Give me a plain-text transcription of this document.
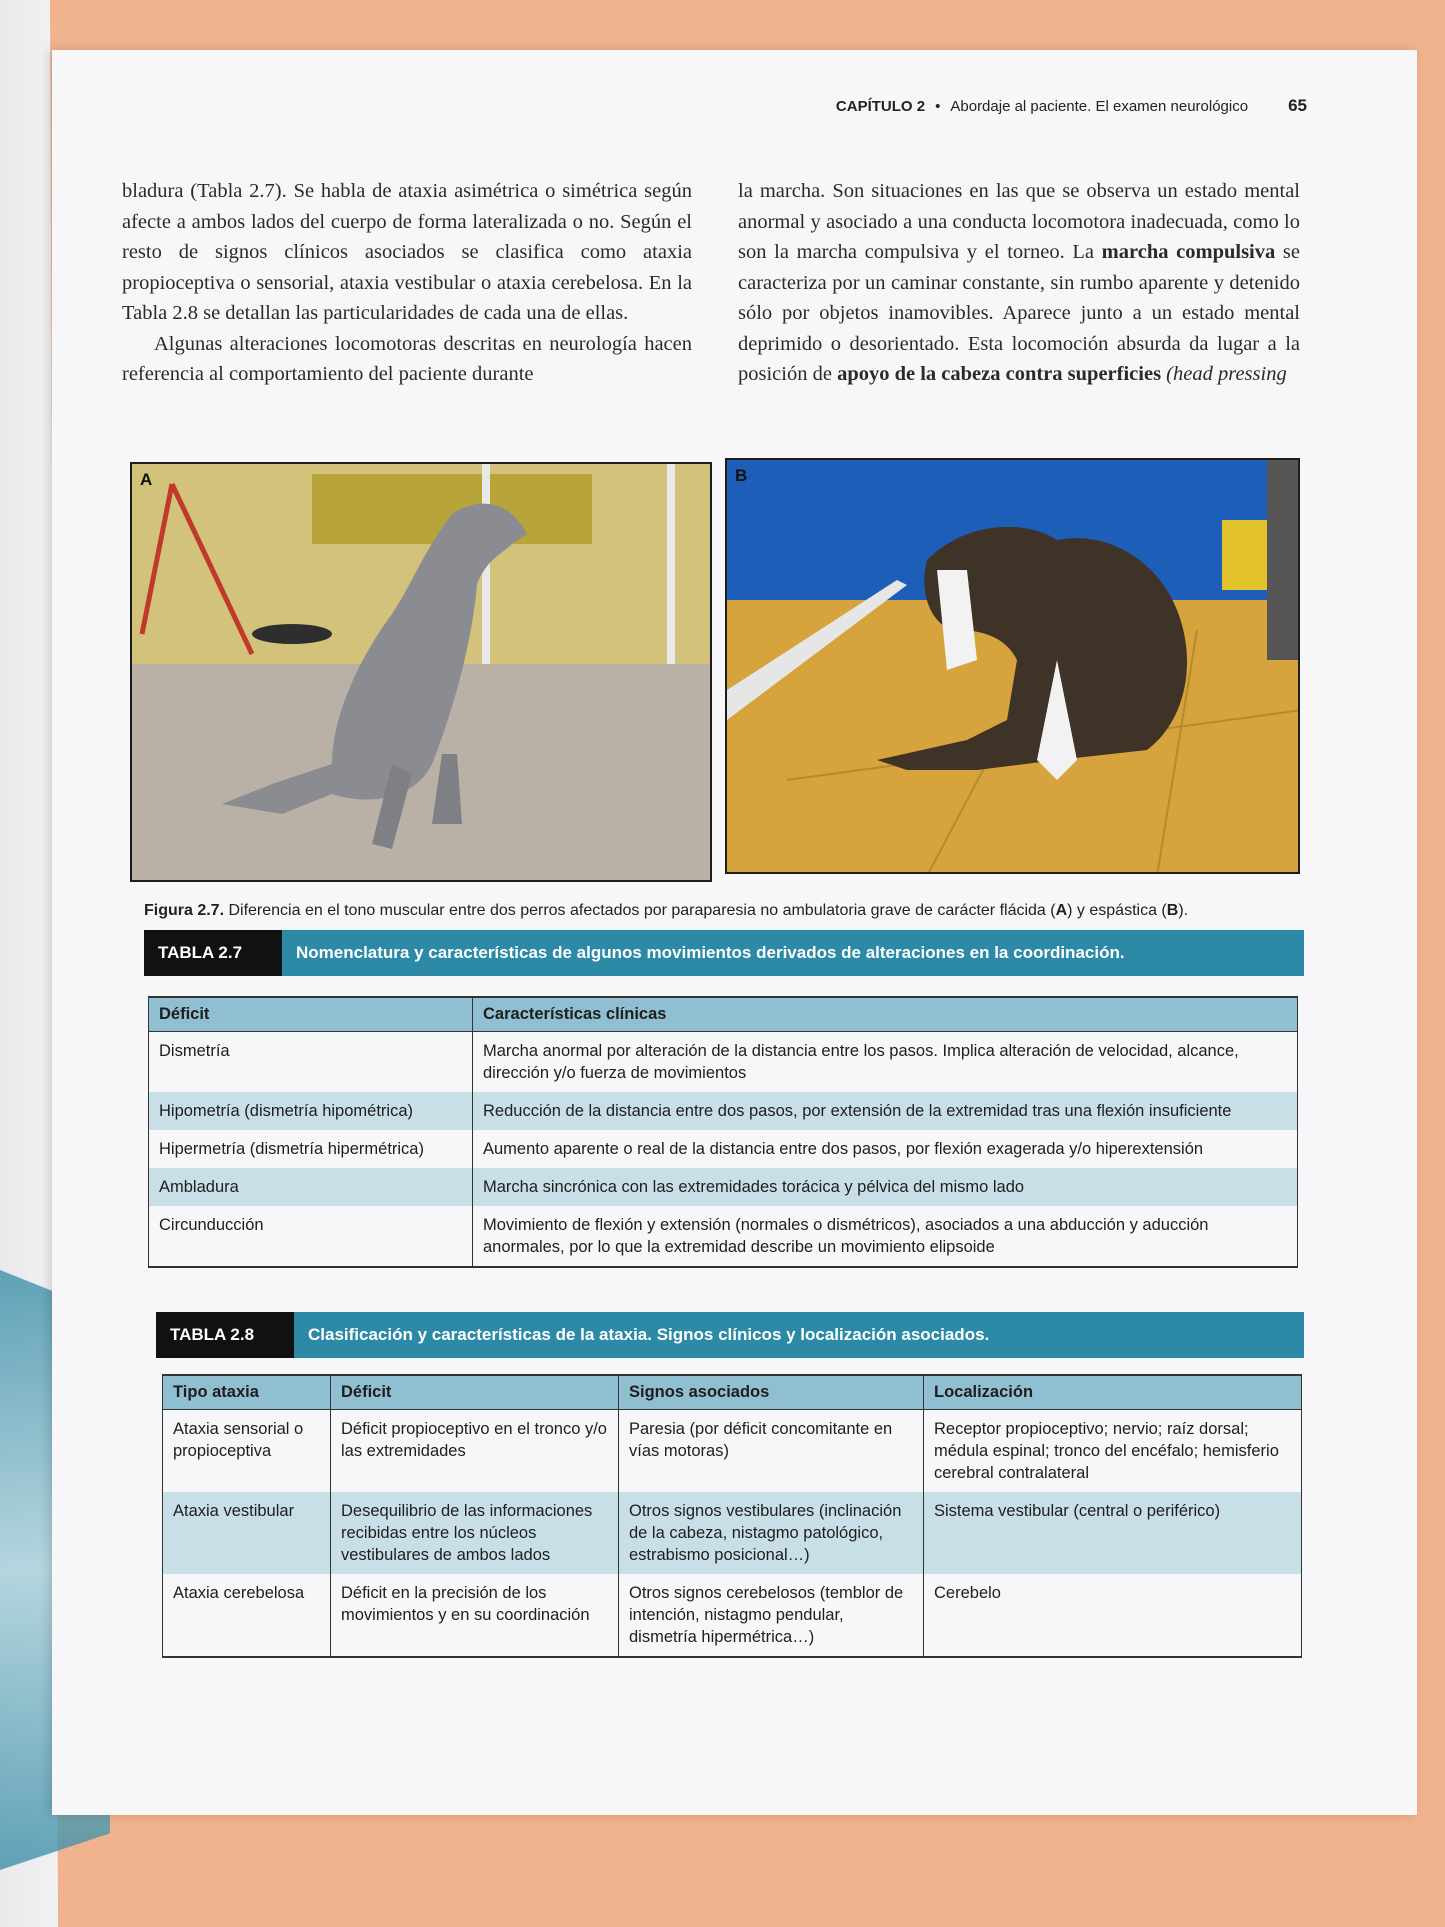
CAPÍTULO 2 • Abordaje al paciente. El examen neurológico 65

bladura (Tabla 2.7). Se habla de ataxia asimétrica o simétrica según afecte a ambos lados del cuerpo de forma lateralizada o no. Según el resto de signos clínicos asociados se clasifica como ataxia propioceptiva o sensorial, ataxia vestibular o ataxia cerebelosa. En la Tabla 2.8 se detallan las particularidades de cada una de ellas.

Algunas alteraciones locomotoras descritas en neurología hacen referencia al comportamiento del paciente durante

la marcha. Son situaciones en las que se observa un estado mental anormal y asociado a una conducta locomotora inadecuada, como lo son la marcha compulsiva y el torneo. La marcha compulsiva se caracteriza por un caminar constante, sin rumbo aparente y detenido sólo por objetos inamovibles. Aparece junto a un estado mental deprimido o desorientado. Esta locomoción absurda da lugar a la posición de apoyo de la cabeza contra superficies (head pressing

A	B
Figura 2.7. Diferencia en el tono muscular entre dos perros afectados por paraparesia no ambulatoria grave de carácter flácida (A) y espástica (B).
TABLA 2.7	Nomenclatura y características de algunos movimientos derivados de alteraciones en la coordinación.
Déficit	Características clínicas
Dismetría	Marcha anormal por alteración de la distancia entre los pasos. Implica alteración de velocidad, alcance, dirección y/o fuerza de movimientos
Hipometría (dismetría hipométrica)	Reducción de la distancia entre dos pasos, por extensión de la extremidad tras una flexión insuficiente
Hipermetría (dismetría hipermétrica)	Aumento aparente o real de la distancia entre dos pasos, por flexión exagerada y/o hiperextensión
Ambladura	Marcha sincrónica con las extremidades torácica y pélvica del mismo lado
Circunducción	Movimiento de flexión y extensión (normales o dismétricos), asociados a una abducción y aducción anormales, por lo que la extremidad describe un movimiento elipsoide
TABLA 2.8	Clasificación y características de la ataxia. Signos clínicos y localización asociados.
Tipo ataxia	Déficit	Signos asociados	Localización
Ataxia sensorial o propioceptiva	Déficit propioceptivo en el tronco y/o las extremidades	Paresia (por déficit concomitante en vías motoras)	Receptor propioceptivo; nervio; raíz dorsal; médula espinal; tronco del encéfalo; hemisferio cerebral contralateral
Ataxia vestibular	Desequilibrio de las informaciones recibidas entre los núcleos vestibulares de ambos lados	Otros signos vestibulares (inclinación de la cabeza, nistagmo patológico, estrabismo posicional…)	Sistema vestibular (central o periférico)
Ataxia cerebelosa	Déficit en la precisión de los movimientos y en su coordinación	Otros signos cerebelosos (temblor de intención, nistagmo pendular, dismetría hipermétrica…)	Cerebelo
